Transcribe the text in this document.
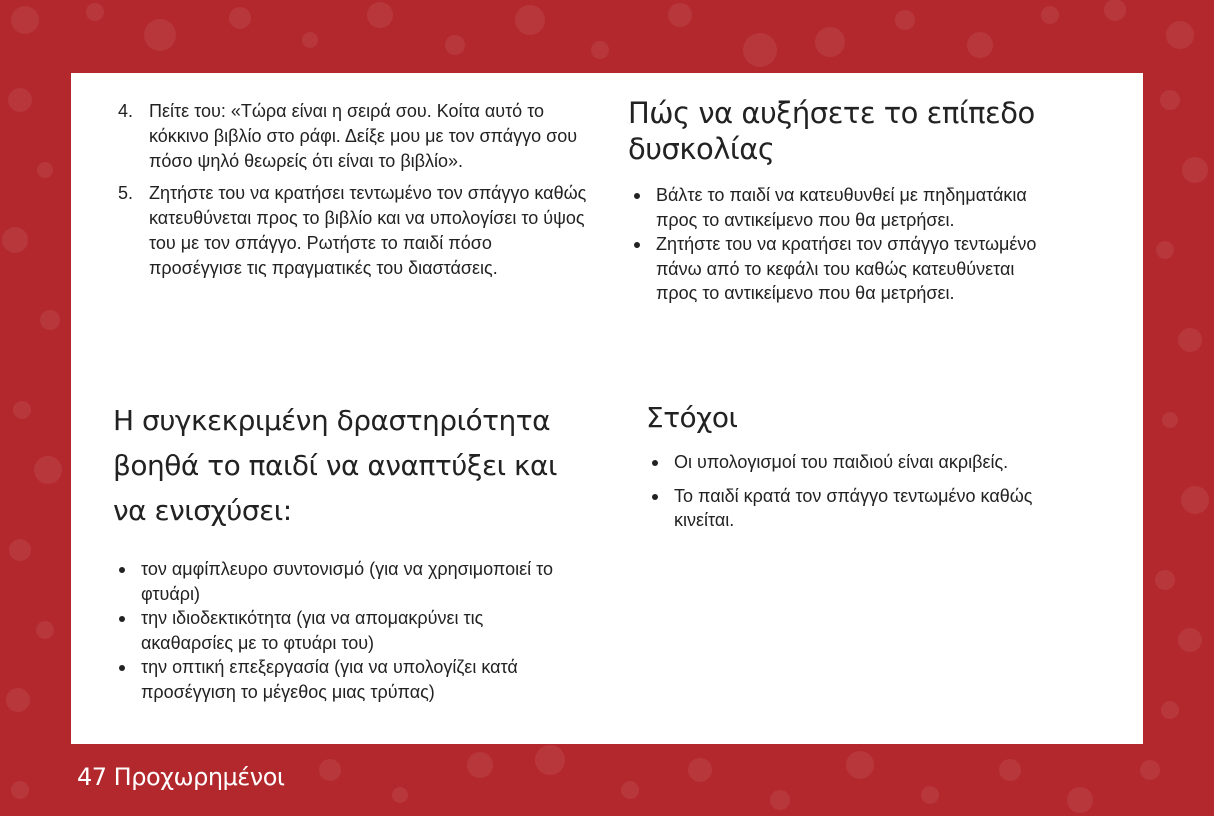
4. Πείτε του: «Τώρα είναι η σειρά σου. Κοίτα αυτό το κόκκινο βιβλίο στο ράφι. Δείξε μου με τον σπάγγο σου πόσο ψηλό θεωρείς ότι είναι το βιβλίο».
5. Ζητήστε του να κρατήσει τεντωμένο τον σπάγγο καθώς κατευθύνεται προς το βιβλίο και να υπολογίσει το ύψος του με τον σπάγγο. Ρωτήστε το παιδί πόσο προσέγγισε τις πραγματικές του διαστάσεις.
Πώς να αυξήσετε το επίπεδο δυσκολίας
Βάλτε το παιδί να κατευθυνθεί με πηδηματάκια προς το αντικείμενο που θα μετρήσει.
Ζητήστε του να κρατήσει τον σπάγγο τεντωμένο πάνω από το κεφάλι του καθώς κατευθύνεται προς το αντικείμενο που θα μετρήσει.
Η συγκεκριμένη δραστηριότητα βοηθά το παιδί να αναπτύξει και να ενισχύσει:
τον αμφίπλευρο συντονισμό (για να χρησιμοποιεί το φτυάρι)
την ιδιοδεκτικότητα (για να απομακρύνει τις ακαθαρσίες με το φτυάρι του)
την οπτική επεξεργασία (για να υπολογίζει κατά προσέγγιση το μέγεθος μιας τρύπας)
Στόχοι
Οι υπολογισμοί του παιδιού είναι ακριβείς.
Το παιδί κρατά τον σπάγγο τεντωμένο καθώς κινείται.
47 Προχωρημένοι
